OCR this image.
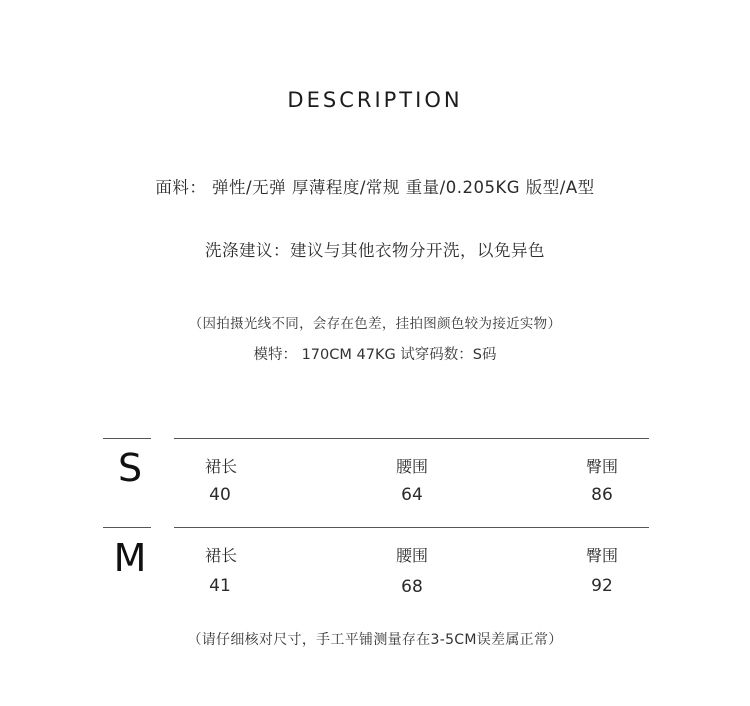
DESCRIPTION
面料： 弹性/无弹 厚薄程度/常规 重量/0.205KG 版型/A型
洗涤建议：建议与其他衣物分开洗，以免异色
（因拍摄光线不同，会存在色差，挂拍图颜色较为接近实物）
模特： 170CM 47KG 试穿码数：S码
S	裙长	腰围	臀围
40	64	86
M	裙长	腰围	臀围
41	68	92
（请仔细核对尺寸，手工平铺测量存在3-5CM误差属正常）
